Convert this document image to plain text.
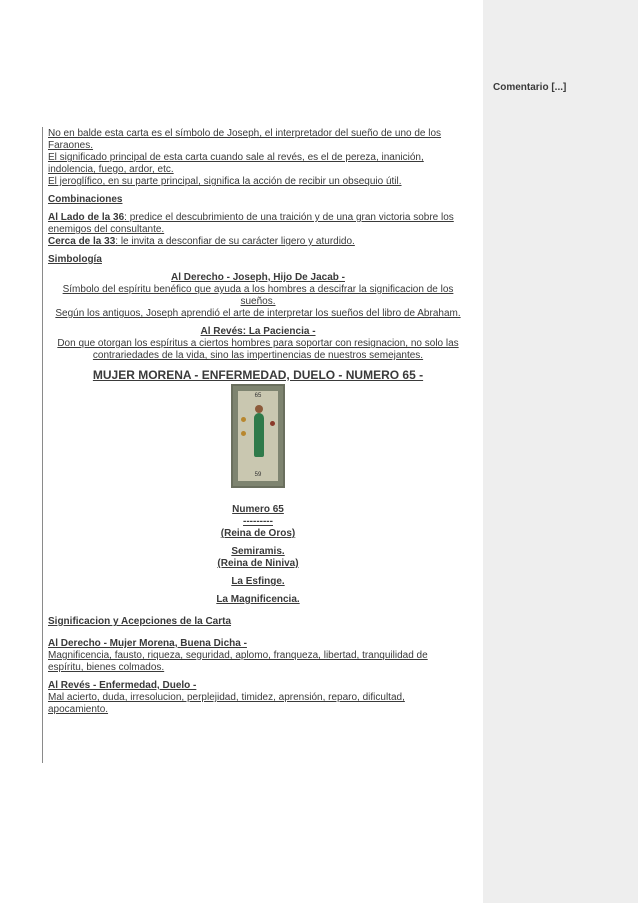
Comentario [...]
No en balde esta carta es el símbolo de Joseph, el interpretador del sueño de uno de los
Faraones.
El significado principal de esta carta cuando sale al revés, es el de pereza, inanición,
indolencia, fuego, ardor, etc.
El jeroglífico, en su parte principal, significa la acción de recibir un obsequio útil.
Combinaciones
Al Lado de la 36: predice el descubrimiento de una traición y de una gran victoria sobre los
enemigos del consultante.
Cerca de la 33: le invita a desconfiar de su carácter ligero y aturdido.
Simbología
Al Derecho - Joseph, Hijo De Jacab -
Símbolo del espíritu benéfico que ayuda a los hombres a descifrar la significacion de los
sueños.
Según los antiguos, Joseph aprendió el arte de interpretar los sueños del libro de Abraham.
Al Revés: La Paciencia -
Don que otorgan los espíritus a ciertos hombres para soportar con resignacion, no solo las
contrariedades de la vida, sino las impertinencias de nuestros semejantes.
MUJER MORENA - ENFERMEDAD, DUELO - NUMERO 65 -
65
59
Numero 65
---------
(Reina de Oros)
Semiramis.
(Reina de Niniva)
La Esfinge.
La Magnificencia.
Significacion y Acepciones de la Carta
Al Derecho - Mujer Morena, Buena Dicha -
Magnificencia, fausto, riqueza, seguridad, aplomo, franqueza, libertad, tranquilidad de
espíritu, bienes colmados.
Al Revés - Enfermedad, Duelo -
Mal acierto, duda, irresolucion, perplejidad, timidez, aprensión, reparo, dificultad,
apocamiento.
